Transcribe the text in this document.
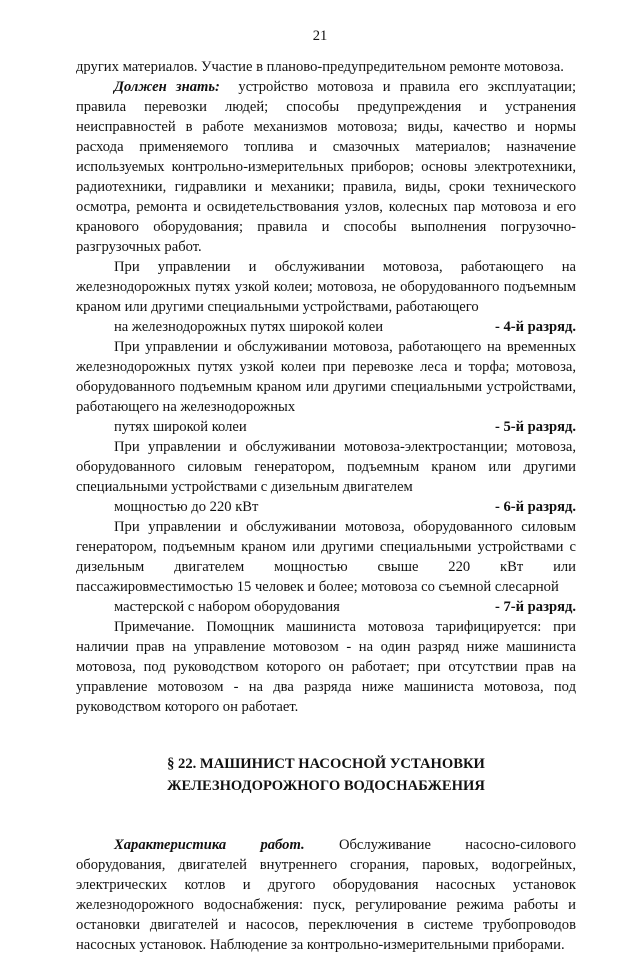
21

других материалов. Участие в планово-предупредительном ремонте мотовоза.

Должен знать: устройство мотовоза и правила его эксплуатации; правила перевозки людей; способы предупреждения и устранения неисправностей в работе механизмов мотовоза; виды, качество и нормы расхода применяемого топлива и смазочных материалов; назначение используемых контрольно-измерительных приборов; основы электротехники, радиотехники, гидравлики и механики; правила, виды, сроки технического осмотра, ремонта и освидетельствования узлов, колесных пар мотовоза и его кранового оборудования; правила и способы выполнения погрузочно-разгрузочных работ.

При управлении и обслуживании мотовоза, работающего на железнодорожных путях узкой колеи; мотовоза, не оборудованного подъемным краном или другими специальными устройствами, работающего
на железнодорожных путях широкой колеи	- 4-й разряд.

При управлении и обслуживании мотовоза, работающего на временных железнодорожных путях узкой колеи при перевозке леса и торфа; мотовоза, оборудованного подъемным краном или другими специальными устройствами, работающего на железнодорожных
путях широкой колеи	- 5-й разряд.

При управлении и обслуживании мотовоза-электростанции; мотовоза, оборудованного силовым генератором, подъемным краном или другими специальными устройствами с дизельным двигателем
мощностью до 220 кВт	- 6-й разряд.

При управлении и обслуживании мотовоза, оборудованного силовым генератором, подъемным краном или другими специальными устройствами с дизельным двигателем мощностью свыше 220 кВт или пассажировместимостью 15 человек и более; мотовоза со съемной слесарной
мастерской с набором оборудования	- 7-й разряд.

Примечание. Помощник машиниста мотовоза тарифицируется: при наличии прав на управление мотовозом - на один разряд ниже машиниста мотовоза, под руководством которого он работает; при отсутствии прав на управление мотовозом - на два разряда ниже машиниста мотовоза, под руководством которого он работает.

§ 22. МАШИНИСТ НАСОСНОЙ УСТАНОВКИ
ЖЕЛЕЗНОДОРОЖНОГО ВОДОСНАБЖЕНИЯ

Характеристика работ. Обслуживание насосно-силового оборудования, двигателей внутреннего сгорания, паровых, водогрейных, электрических котлов и другого оборудования насосных установок железнодорожного водоснабжения: пуск, регулирование режима работы и остановки двигателей и насосов, переключения в системе трубопроводов насосных установок. Наблюдение за контрольно-измерительными приборами.
